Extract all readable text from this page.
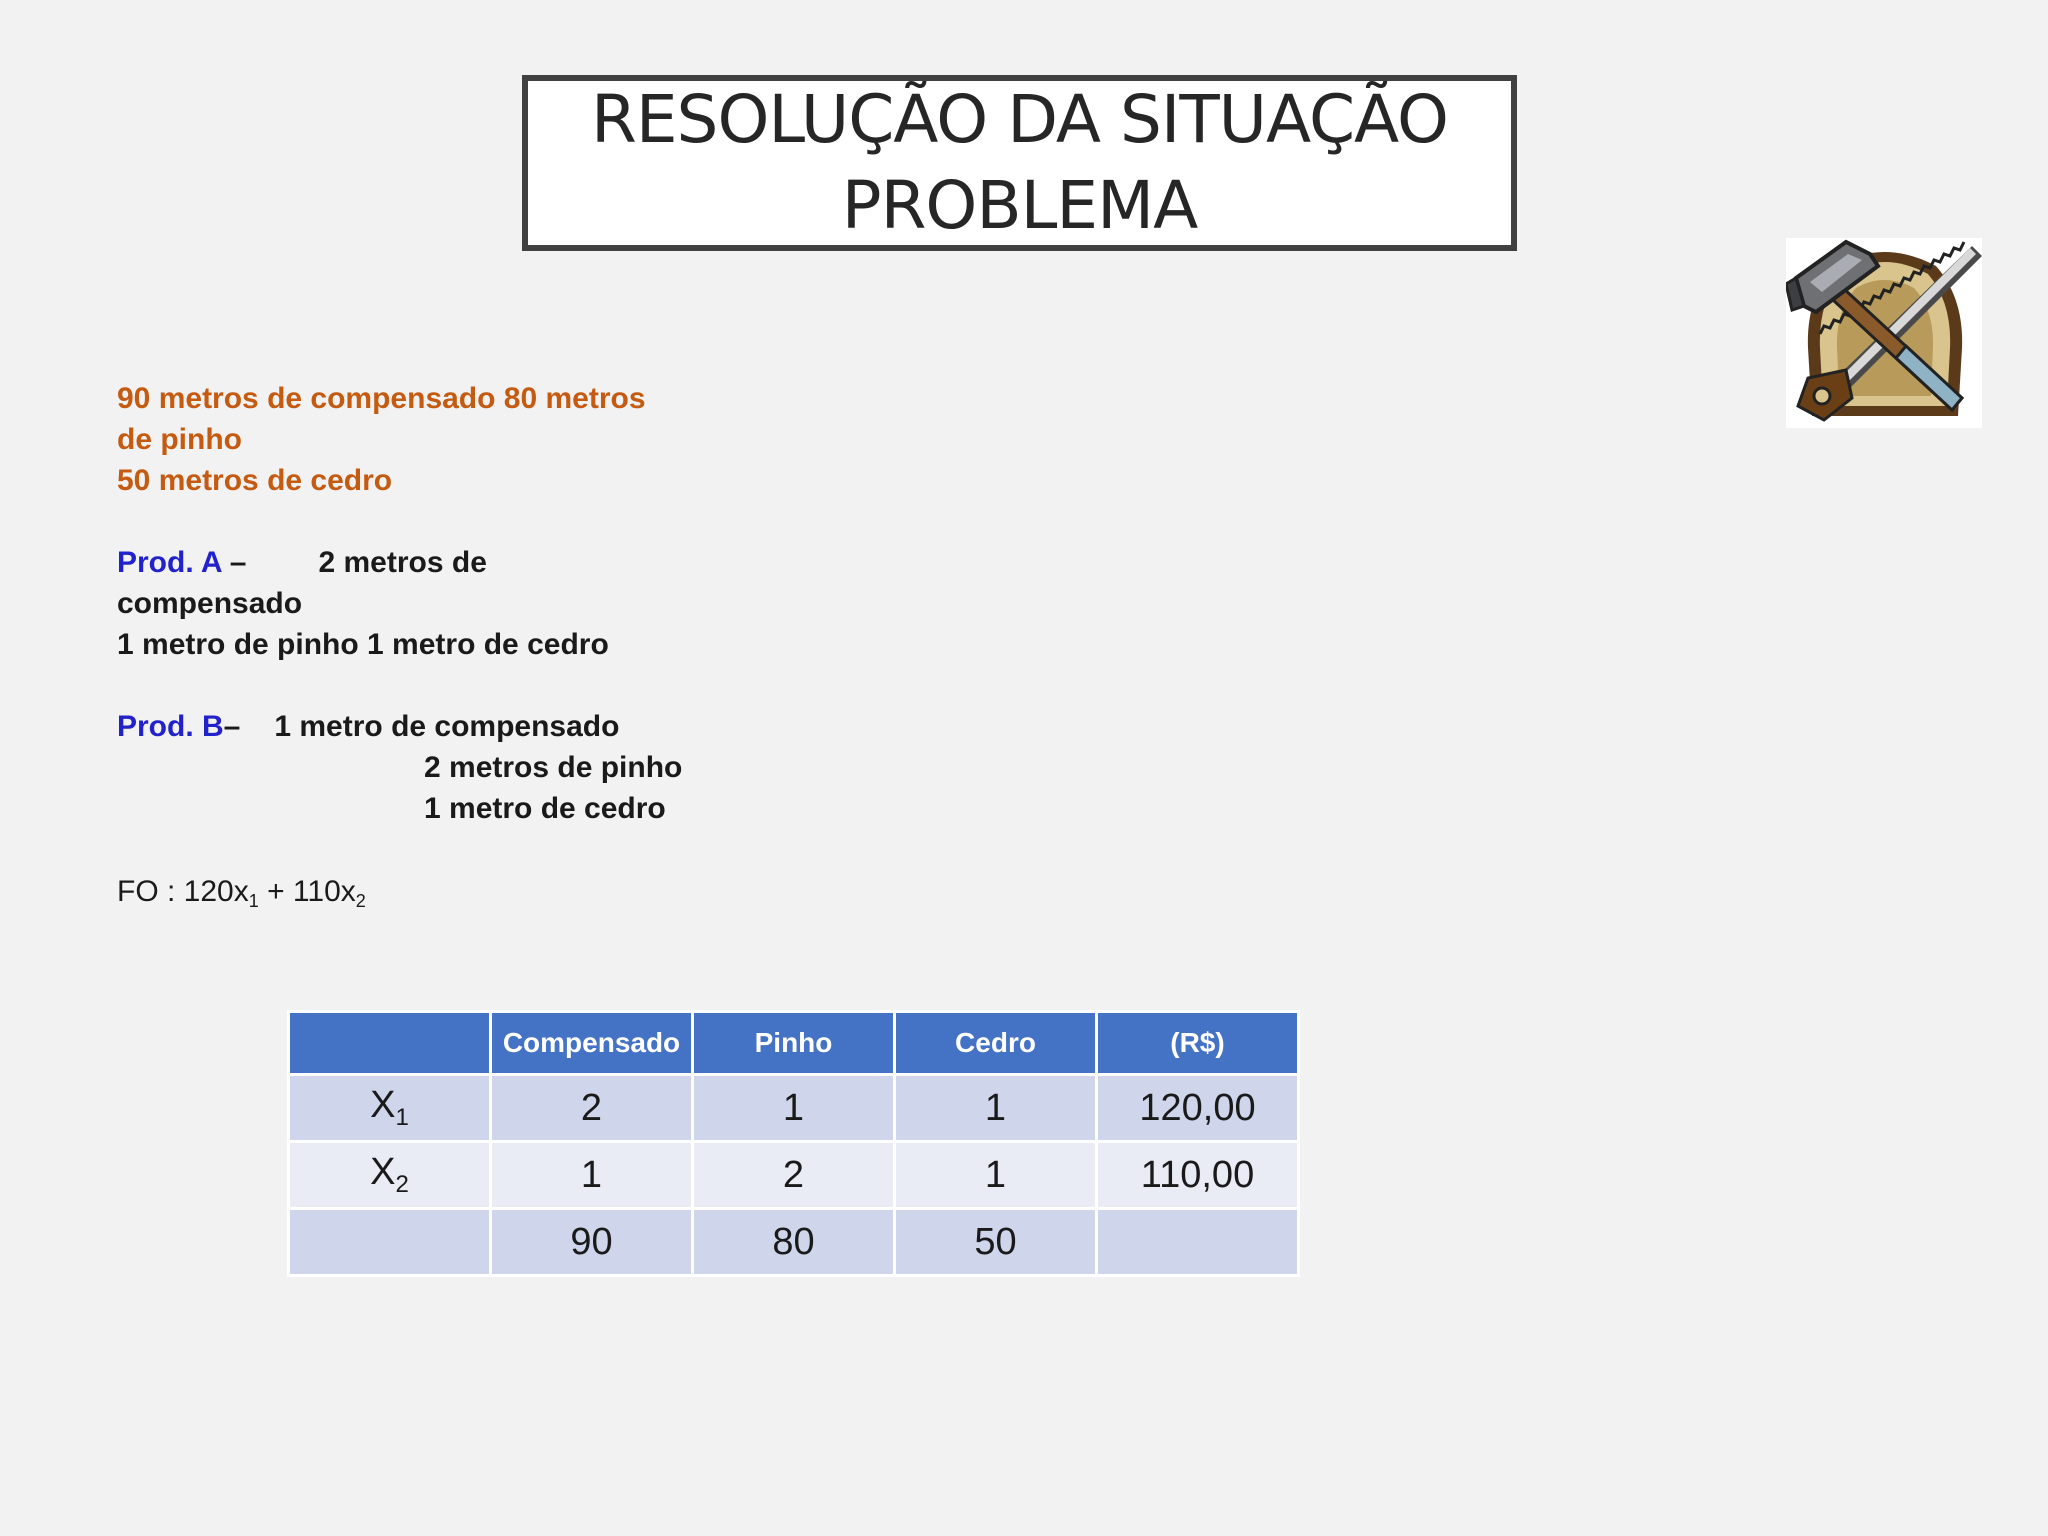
RESOLUÇÃO DA SITUAÇÃO
PROBLEMA
90 metros de compensado 80 metros
de pinho
50 metros de cedro
Prod. A – 2 metros de
compensado
1 metro de pinho 1 metro de cedro
Prod. B– 1 metro de compensado
2 metros de pinho
1 metro de cedro
FO : $120x_1 + 110x_2$
	Compensado	Pinho	Cedro	(R$)
$X_1$	2	1	1	120,00
$X_2$	1	2	1	110,00
	90	80	50	
